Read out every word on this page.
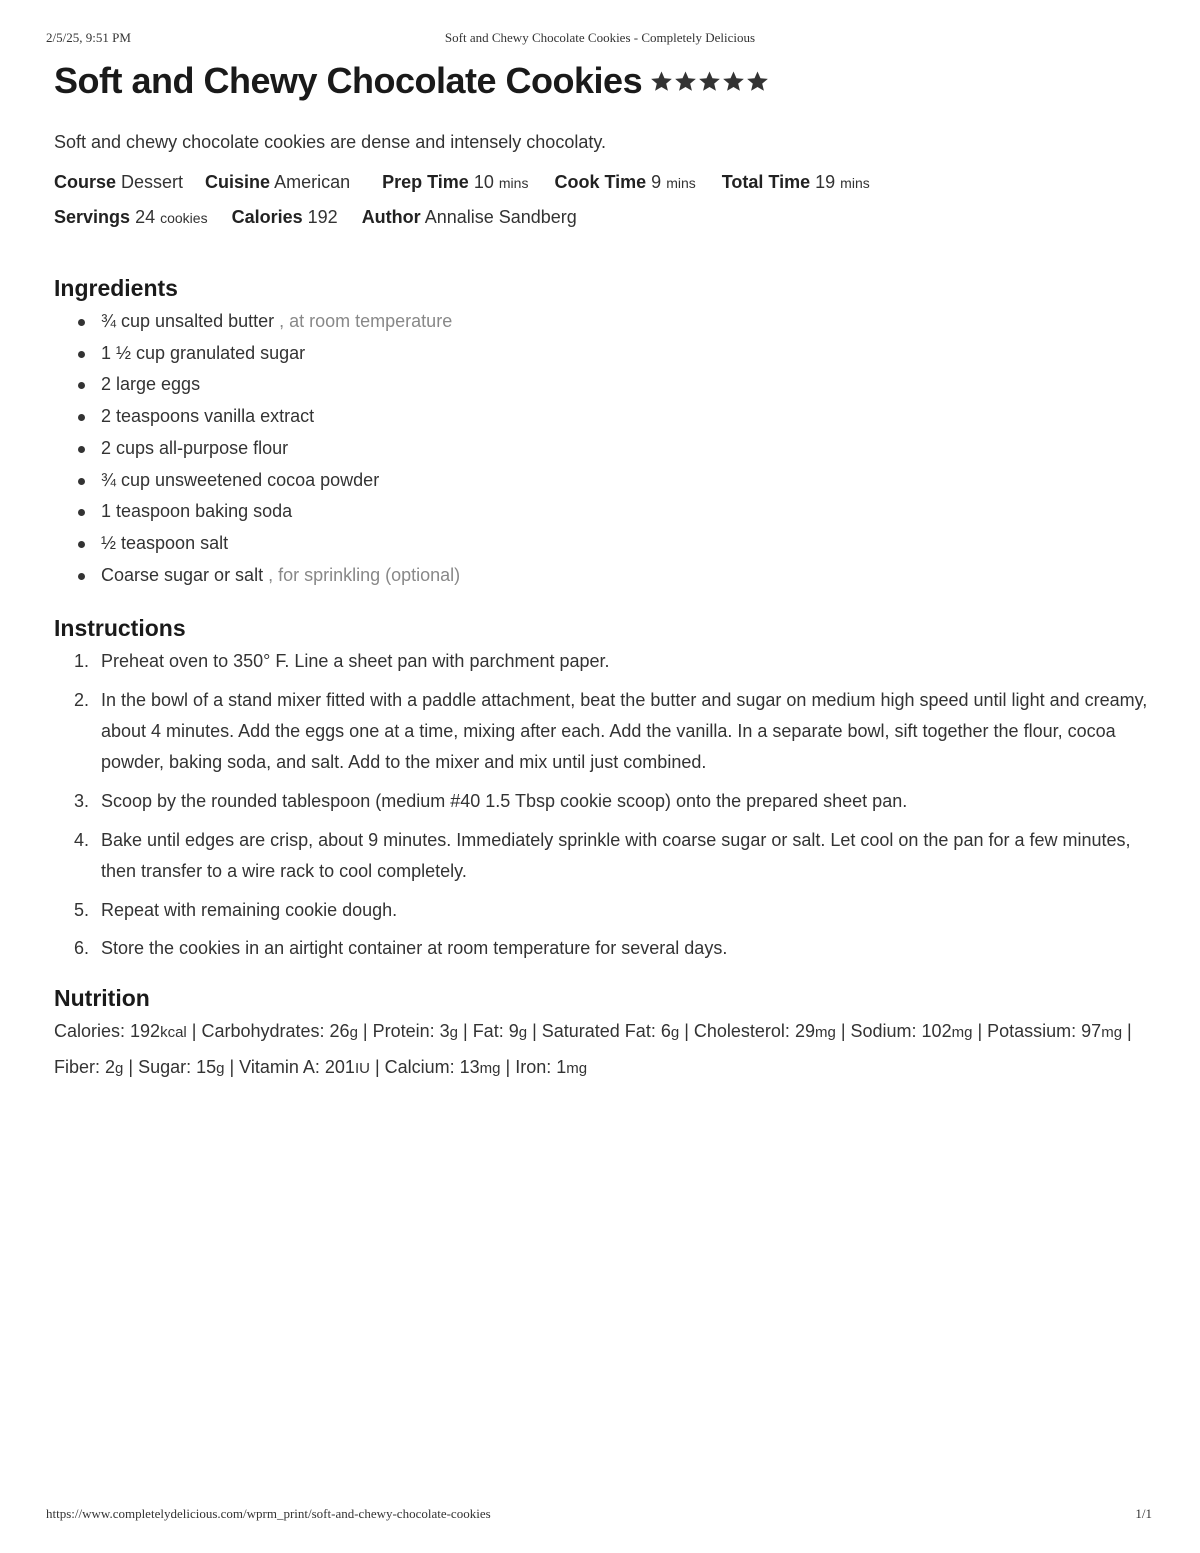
2/5/25, 9:51 PM	Soft and Chewy Chocolate Cookies - Completely Delicious
Soft and Chewy Chocolate Cookies
Soft and chewy chocolate cookies are dense and intensely chocolaty.
Course Dessert Cuisine American Prep Time 10 mins Cook Time 9 mins Total Time 19 mins
Servings 24 cookies Calories 192 Author Annalise Sandberg
Ingredients
¾ cup unsalted butter , at room temperature
1 ½ cup granulated sugar
2 large eggs
2 teaspoons vanilla extract
2 cups all-purpose flour
¾ cup unsweetened cocoa powder
1 teaspoon baking soda
½ teaspoon salt
Coarse sugar or salt , for sprinkling (optional)
Instructions
1. Preheat oven to 350° F. Line a sheet pan with parchment paper.
2. In the bowl of a stand mixer fitted with a paddle attachment, beat the butter and sugar on medium high speed until light and creamy, about 4 minutes. Add the eggs one at a time, mixing after each. Add the vanilla. In a separate bowl, sift together the flour, cocoa powder, baking soda, and salt. Add to the mixer and mix until just combined.
3. Scoop by the rounded tablespoon (medium #40 1.5 Tbsp cookie scoop) onto the prepared sheet pan.
4. Bake until edges are crisp, about 9 minutes. Immediately sprinkle with coarse sugar or salt. Let cool on the pan for a few minutes, then transfer to a wire rack to cool completely.
5. Repeat with remaining cookie dough.
6. Store the cookies in an airtight container at room temperature for several days.
Nutrition
Calories: 192kcal | Carbohydrates: 26g | Protein: 3g | Fat: 9g | Saturated Fat: 6g | Cholesterol: 29mg | Sodium: 102mg | Potassium: 97mg | Fiber: 2g | Sugar: 15g | Vitamin A: 201IU | Calcium: 13mg | Iron: 1mg
https://www.completelydelicious.com/wprm_print/soft-and-chewy-chocolate-cookies	1/1
